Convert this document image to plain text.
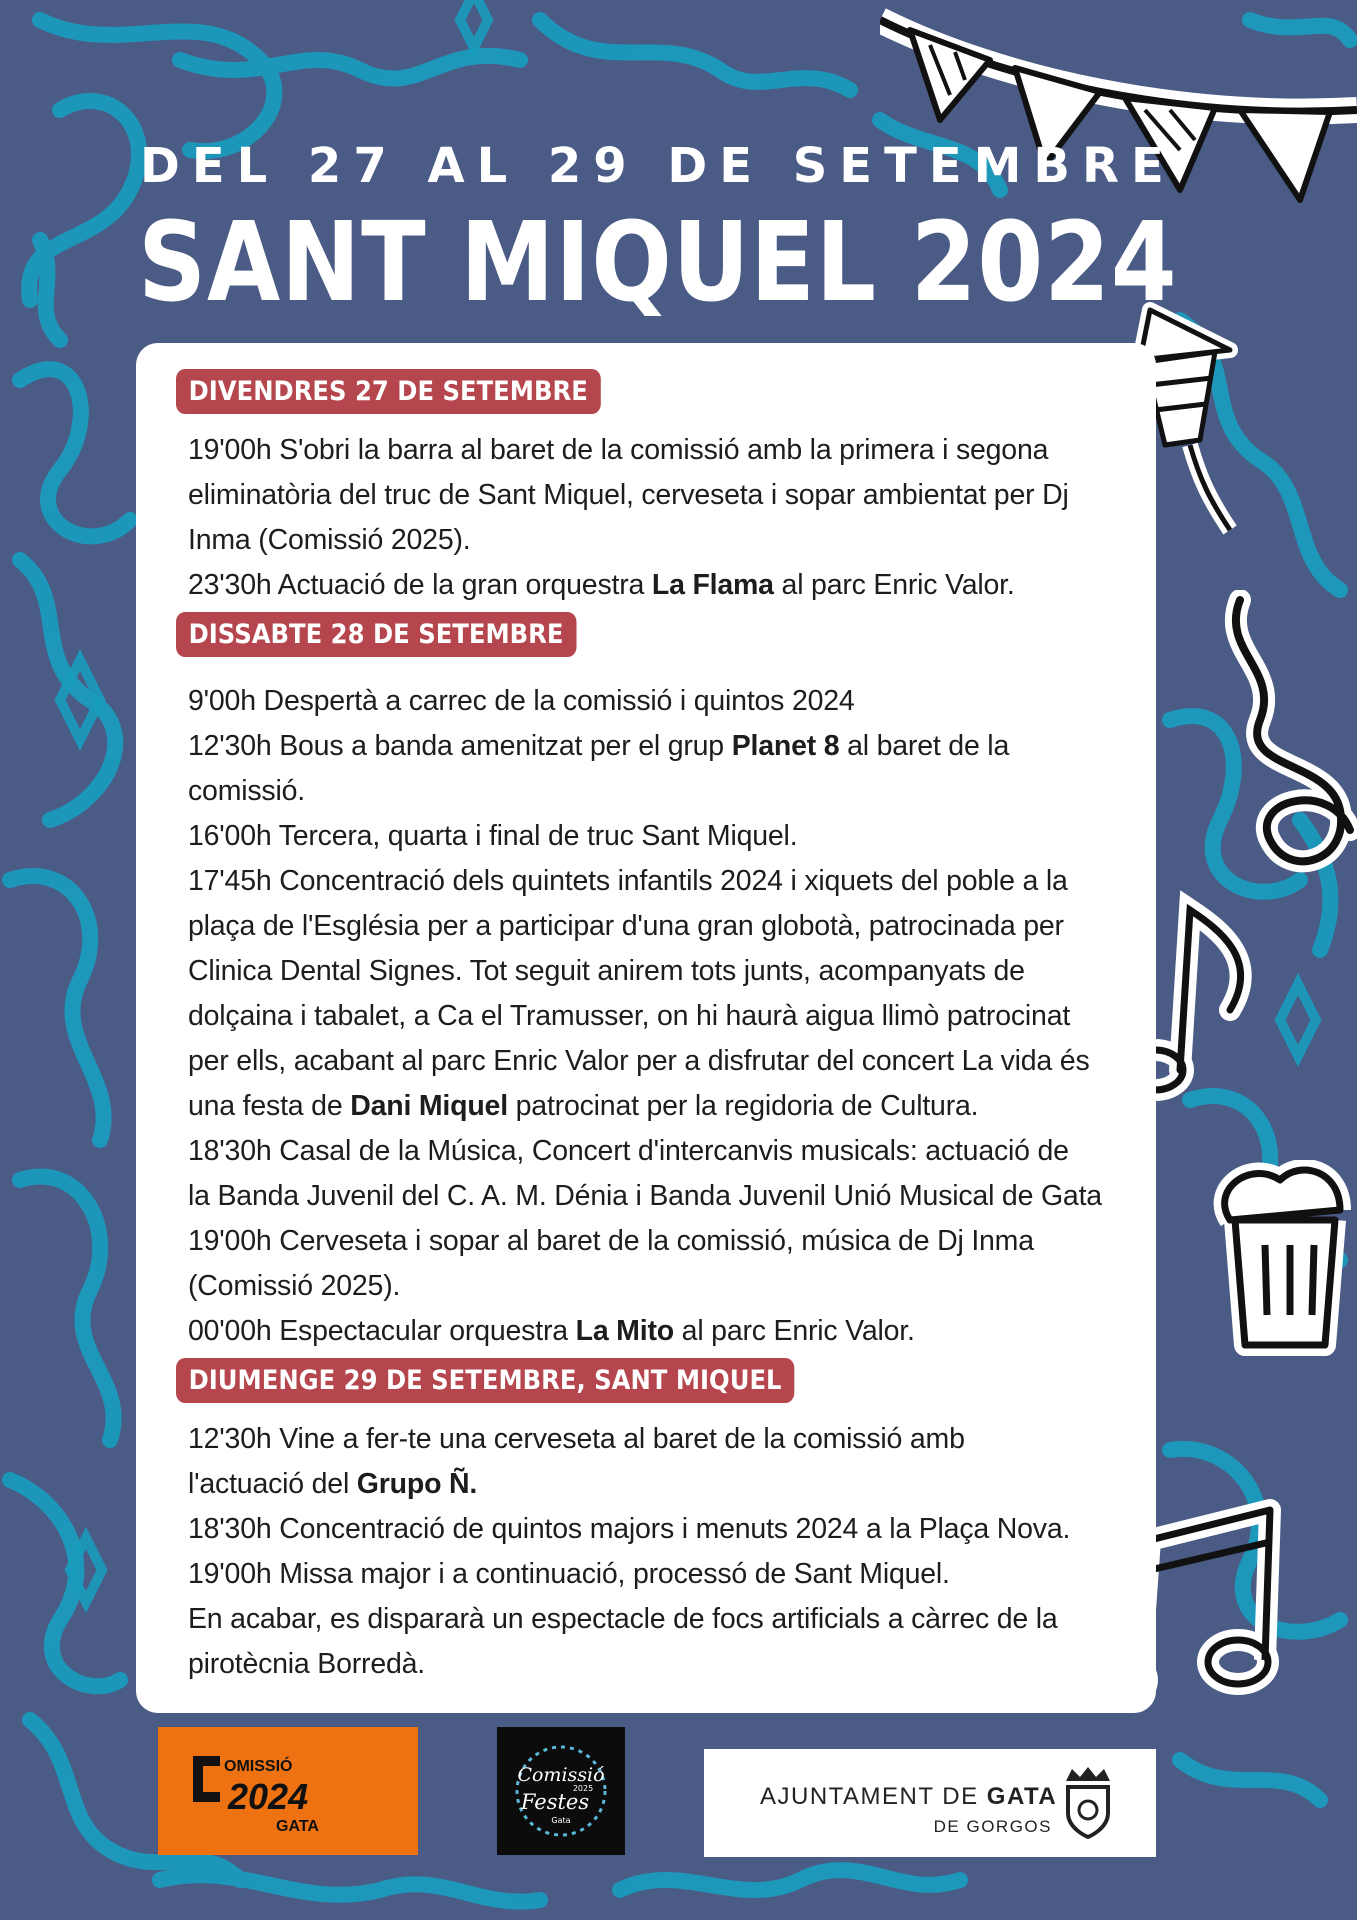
DEL 27 AL 29 DE SETEMBRE
SANT MIQUEL 2024
DIVENDRES 27 DE SETEMBRE
19'00h S'obri la barra al baret de la comissió amb la primera i segona
eliminatòria del truc de Sant Miquel, cerveseta i sopar ambientat per Dj
Inma (Comissió 2025).
23'30h Actuació de la gran orquestra La Flama al parc Enric Valor.
DISSABTE 28 DE SETEMBRE
9'00h Despertà a carrec de la comissió i quintos 2024
12'30h Bous a banda amenitzat per el grup Planet 8 al baret de la
comissió.
16'00h Tercera, quarta i final de truc Sant Miquel.
17'45h Concentració dels quintets infantils 2024 i xiquets del poble a la
plaça de l'Església per a participar d'una gran globotà, patrocinada per
Clinica Dental Signes. Tot seguit anirem tots junts, acompanyats de
dolçaina i tabalet, a Ca el Tramusser, on hi haurà aigua llimò patrocinat
per ells, acabant al parc Enric Valor per a disfrutar del concert La vida és
una festa de Dani Miquel patrocinat per la regidoria de Cultura.
18'30h Casal de la Música, Concert d'intercanvis musicals: actuació de
la Banda Juvenil del C. A. M. Dénia i Banda Juvenil Unió Musical de Gata
19'00h Cerveseta i sopar al baret de la comissió, música de Dj Inma
(Comissió 2025).
00'00h Espectacular orquestra La Mito al parc Enric Valor.
DIUMENGE 29 DE SETEMBRE, SANT MIQUEL
12'30h Vine a fer-te una cerveseta al baret de la comissió amb
l'actuació del Grupo Ñ.
18'30h Concentració de quintos majors i menuts 2024 a la Plaça Nova.
19'00h Missa major i a continuació, processó de Sant Miquel.
En acabar, es dispararà un espectacle de focs artificials a càrrec de la
pirotècnia Borredà.
OMISSIÓ
2024
GATA
Comissió
2025
Festes
Gata
AJUNTAMENT DE GATA
DE GORGOS
